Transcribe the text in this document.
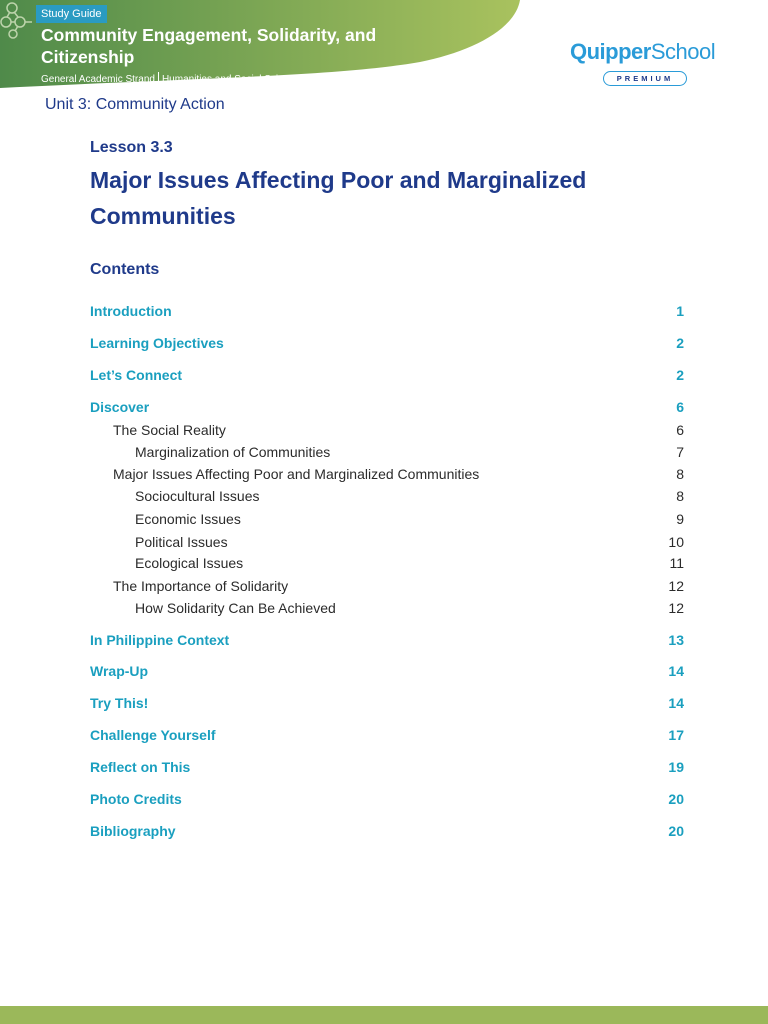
Study Guide
Community Engagement, Solidarity, and Citizenship
General Academic Strand Humanities and Social Sciences
QuipperSchool
PREMIUM
Unit 3: Community Action
Lesson 3.3
Major Issues Affecting Poor and Marginalized Communities
Contents
Introduction	1
Learning Objectives	2
Let’s Connect	2
Discover	6
The Social Reality	6
Marginalization of Communities	7
Major Issues Affecting Poor and Marginalized Communities	8
Sociocultural Issues	8
Economic Issues	9
Political Issues	10
Ecological Issues	11
The Importance of Solidarity	12
How Solidarity Can Be Achieved	12
In Philippine Context	13
Wrap-Up	14
Try This!	14
Challenge Yourself	17
Reflect on This	19
Photo Credits	20
Bibliography	20
